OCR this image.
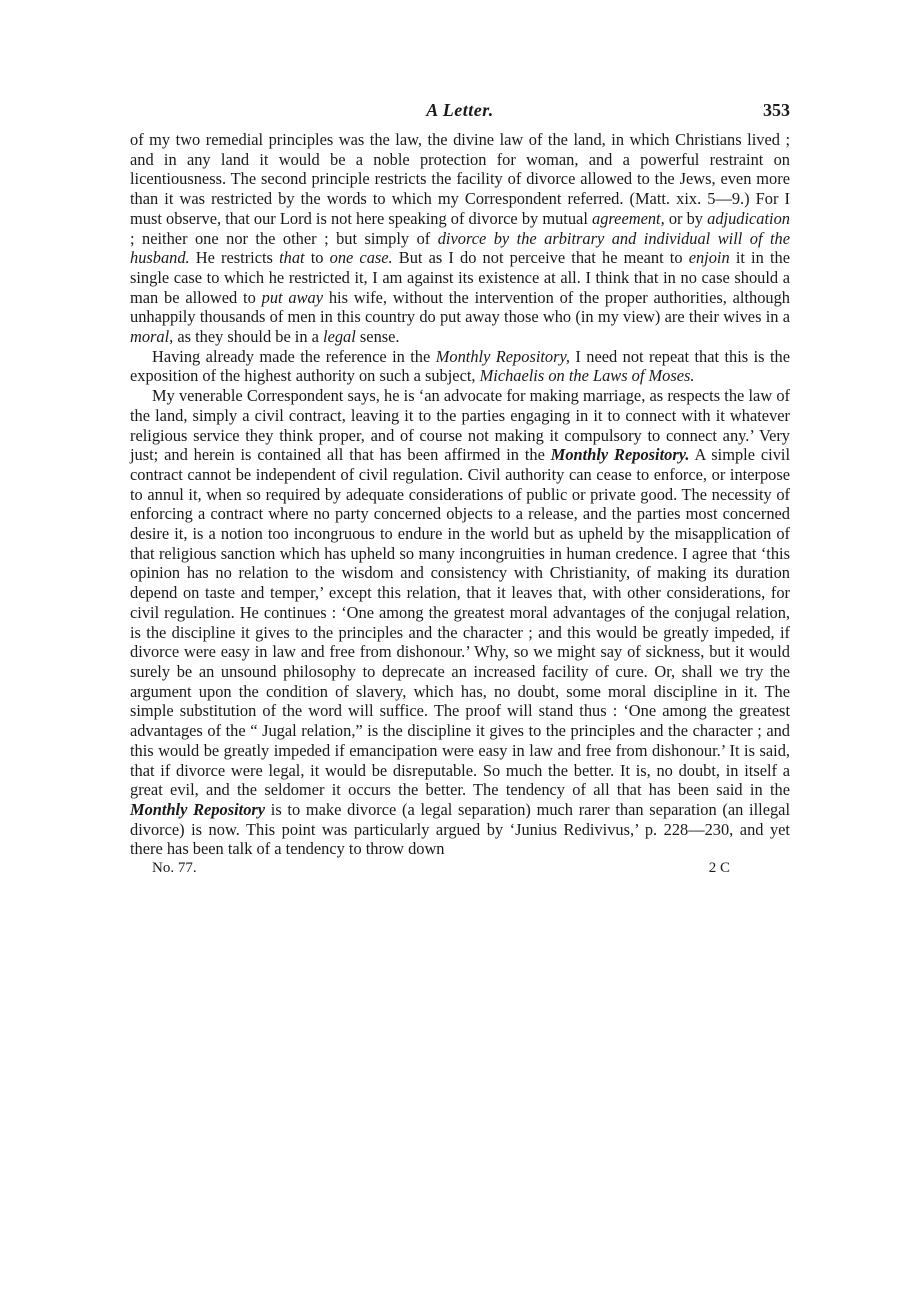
A Letter.	353

of my two remedial principles was the law, the divine law of the land, in which Christians lived ; and in any land it would be a noble protection for woman, and a powerful restraint on licentiousness. The second principle restricts the facility of divorce allowed to the Jews, even more than it was restricted by the words to which my Correspondent referred. (Matt. xix. 5—9.) For I must observe, that our Lord is not here speaking of divorce by mutual agreement, or by adjudication ; neither one nor the other ; but simply of divorce by the arbitrary and individual will of the husband. He restricts that to one case. But as I do not perceive that he meant to enjoin it in the single case to which he restricted it, I am against its existence at all. I think that in no case should a man be allowed to put away his wife, without the intervention of the proper authorities, although unhappily thousands of men in this country do put away those who (in my view) are their wives in a moral, as they should be in a legal sense.

Having already made the reference in the Monthly Repository, I need not repeat that this is the exposition of the highest authority on such a subject, Michaelis on the Laws of Moses.

My venerable Correspondent says, he is ‘an advocate for making marriage, as respects the law of the land, simply a civil contract, leaving it to the parties engaging in it to connect with it whatever religious service they think proper, and of course not making it compulsory to connect any.’ Very just; and herein is contained all that has been affirmed in the Monthly Repository. A simple civil contract cannot be independent of civil regulation. Civil authority can cease to enforce, or interpose to annul it, when so required by adequate considerations of public or private good. The necessity of enforcing a contract where no party concerned objects to a release, and the parties most concerned desire it, is a notion too incongruous to endure in the world but as upheld by the misapplication of that religious sanction which has upheld so many incongruities in human credence. I agree that ‘this opinion has no relation to the wisdom and consistency with Christianity, of making its duration depend on taste and temper,’ except this relation, that it leaves that, with other considerations, for civil regulation. He continues : ‘One among the greatest moral advantages of the conjugal relation, is the discipline it gives to the principles and the character ; and this would be greatly impeded, if divorce were easy in law and free from dishonour.’ Why, so we might say of sickness, but it would surely be an unsound philosophy to deprecate an increased facility of cure. Or, shall we try the argument upon the condition of slavery, which has, no doubt, some moral discipline in it. The simple substitution of the word will suffice. The proof will stand thus : ‘One among the greatest advantages of the “ Jugal relation,” is the discipline it gives to the principles and the character ; and this would be greatly impeded if emancipation were easy in law and free from dishonour.’ It is said, that if divorce were legal, it would be disreputable. So much the better. It is, no doubt, in itself a great evil, and the seldomer it occurs the better. The tendency of all that has been said in the Monthly Repository is to make divorce (a legal separation) much rarer than separation (an illegal divorce) is now. This point was particularly argued by ‘Junius Redivivus,’ p. 228—230, and yet there has been talk of a tendency to throw down

No. 77.	2 C
